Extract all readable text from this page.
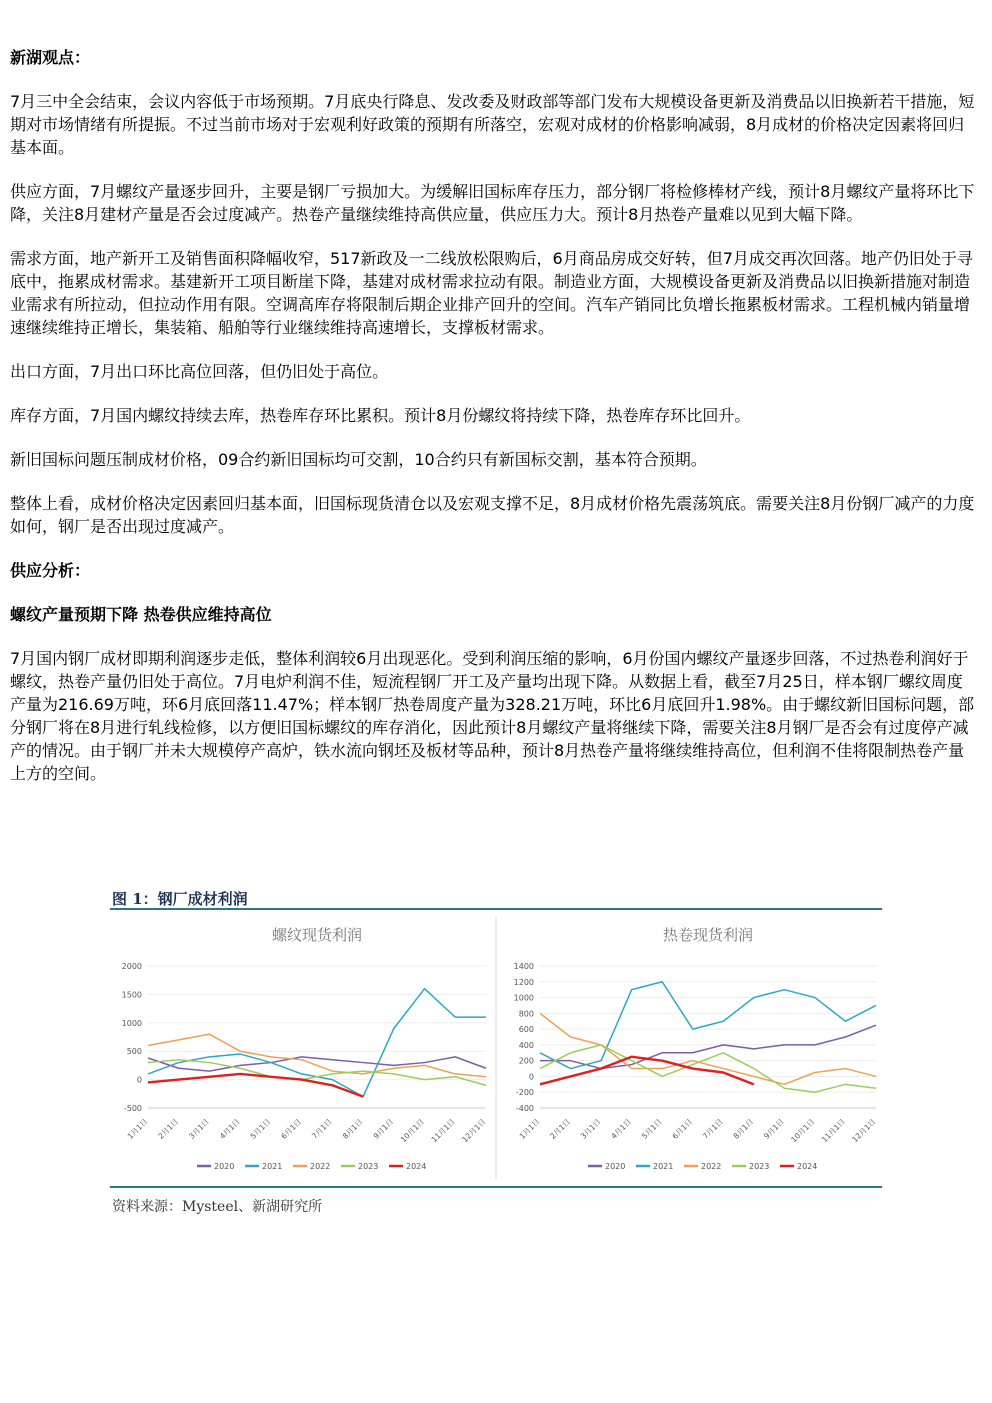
新湖观点：

7月三中全会结束，会议内容低于市场预期。7月底央行降息、发改委及财政部等部门发布大规模设备更新及消费品以旧换新若干措施，短期对市场情绪有所提振。不过当前市场对于宏观利好政策的预期有所落空，宏观对成材的价格影响减弱，8月成材的价格决定因素将回归基本面。

供应方面，7月螺纹产量逐步回升，主要是钢厂亏损加大。为缓解旧国标库存压力，部分钢厂将检修棒材产线，预计8月螺纹产量将环比下降，关注8月建材产量是否会过度减产。热卷产量继续维持高供应量，供应压力大。预计8月热卷产量难以见到大幅下降。

需求方面，地产新开工及销售面积降幅收窄，517新政及一二线放松限购后，6月商品房成交好转，但7月成交再次回落。地产仍旧处于寻底中，拖累成材需求。基建新开工项目断崖下降，基建对成材需求拉动有限。制造业方面，大规模设备更新及消费品以旧换新措施对制造业需求有所拉动，但拉动作用有限。空调高库存将限制后期企业排产回升的空间。汽车产销同比负增长拖累板材需求。工程机械内销量增速继续维持正增长，集装箱、船舶等行业继续维持高速增长，支撑板材需求。

出口方面，7月出口环比高位回落，但仍旧处于高位。

库存方面，7月国内螺纹持续去库，热卷库存环比累积。预计8月份螺纹将持续下降，热卷库存环比回升。

新旧国标问题压制成材价格，09合约新旧国标均可交割，10合约只有新国标交割，基本符合预期。

整体上看，成材价格决定因素回归基本面，旧国标现货清仓以及宏观支撑不足，8月成材价格先震荡筑底。需要关注8月份钢厂减产的力度如何，钢厂是否出现过度减产。

供应分析：
螺纹产量预期下降 热卷供应维持高位

7月国内钢厂成材即期利润逐步走低，整体利润较6月出现恶化。受到利润压缩的影响，6月份国内螺纹产量逐步回落，不过热卷利润好于螺纹，热卷产量仍旧处于高位。7月电炉利润不佳，短流程钢厂开工及产量均出现下降。从数据上看，截至7月25日，样本钢厂螺纹周度产量为216.69万吨，环6月底回落11.47%；样本钢厂热卷周度产量为328.21万吨，环比6月底回升1.98%。由于螺纹新旧国标问题，部分钢厂将在8月进行轧线检修，以方便旧国标螺纹的库存消化，因此预计8月螺纹产量将继续下降，需要关注8月钢厂是否会有过度停产减产的情况。由于钢厂并未大规模停产高炉，铁水流向钢坯及板材等品种，预计8月热卷产量将继续维持高位，但利润不佳将限制热卷产量上方的空间。

图 1：钢厂成材利润
螺纹现货利润
-500
0
500
1000
1500
2000
1月1日 2月1日 3月1日 4月1日 5月1日 6月1日 7月1日 8月1日 9月1日 10月1日 11月1日 12月1日
2020	2021	2022	2023	2024
热卷现货利润
-400
-200
0
200
400
600
800
1000
1200
1400
1月1日 2月1日 3月1日 4月1日 5月1日 6月1日 7月1日 8月1日 9月1日 10月1日 11月1日 12月1日
2020	2021	2022	2023	2024
资料来源：Mysteel、新湖研究所
